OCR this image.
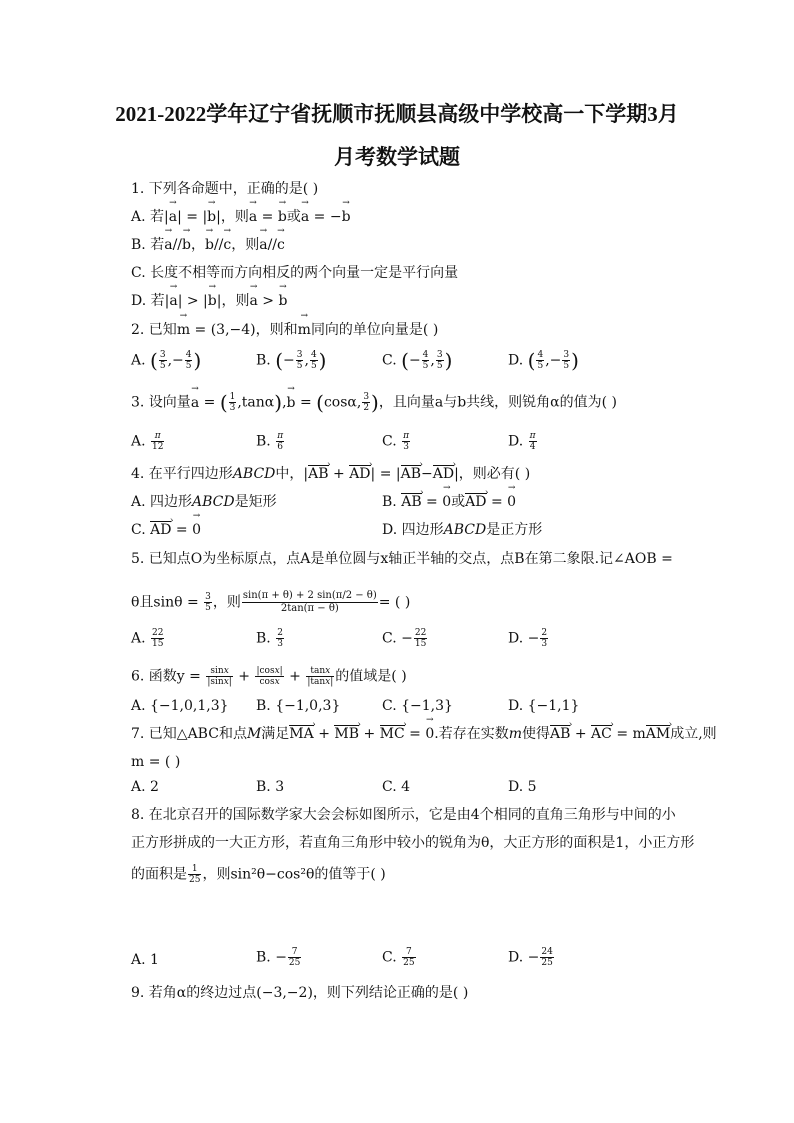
2021-2022学年辽宁省抚顺市抚顺县高级中学校高一下学期3月
月考数学试题
1. 下列各命题中，正确的是( )
A. 若|→ a| = |→ b|，则→ a = → b或→ a = −→ b
B. 若→ a//→ b，→ b//→ c，则→ a//→ c
C. 长度不相等而方向相反的两个向量一定是平行向量
D. 若|→ a| > |→ b|，则→ a > → b
2. 已知→ m = (3,−4)，则和→ m同向的单位向量是( )
A. ( $\frac{3}{5}$ ,− $\frac{4}{5}$ )	B. (− $\frac{3}{5}$ , $\frac{4}{5}$ )	C. (− $\frac{4}{5}$ , $\frac{3}{5}$ )	D. ( $\frac{4}{5}$ ,− $\frac{3}{5}$ )
3. 设向量→ a = ( $\frac{1}{3} ,\tan\alpha),\to b = (\cos\alpha$, $\frac{3}{2}$ )，且向量a与b共线，则锐角α的值为( )
A. $\frac{\pi}{12}$	B. $\frac{\pi}{6}$	C. $\frac{\pi}{3}$	D. $\frac{\pi}{4}$
4. 在平行四边形ABCD中，|AB › + AD ›| = |AB ›−AD ›|，则必有( )
A. 四边形ABCD是矩形	B. AB › = → 0或AD › = → 0
C. AD › = → 0	D. 四边形ABCD是正方形
5. 已知点O为坐标原点，点A是单位圆与x轴正半轴的交点，点B在第二象限.记∠AOB =
θ且$\sin\theta = \frac{3}{5}$ ，则 $\frac{\sin(\pi + \theta) + 2 \sin(\pi/2 - \theta)}{2\tan(\pi - \theta)}$ = ( )
A. $\frac{22}{15}$	B. $\frac{2}{3}$	C. − $\frac{22}{15}$	D. − $\frac{2}{3}$
6. 函数$y = \frac{\sin x}{|\sin x|} + \frac{|\cos x|}{\cos x} + \frac{\tan x}{|\tan x|}$ 的值域是( )
A. {−1,0,1,3} B. {−1,0,3}	C. {−1,3}	D. {−1,1}
7. 已知△ABC和点M满足MA › + MB › + MC › = → 0.若存在实数m使得AB › + AC › = mAM ›成立,则
m = ( )
A. 2	B. 3	C. 4	D. 5
8. 在北京召开的国际数学家大会会标如图所示，它是由4个相同的直角三角形与中间的小
正方形拼成的一大正方形，若直角三角形中较小的锐角为θ，大正方形的面积是1，小正方形
的面积是 $\frac{1}{25}$ ，则sin²θ−cos²θ的值等于( )
A. 1	B. − $\frac{7}{25}$	C. $\frac{7}{25}$	D. − $\frac{24}{25}$
9. 若角α的终边过点(−3,−2)，则下列结论正确的是( )
